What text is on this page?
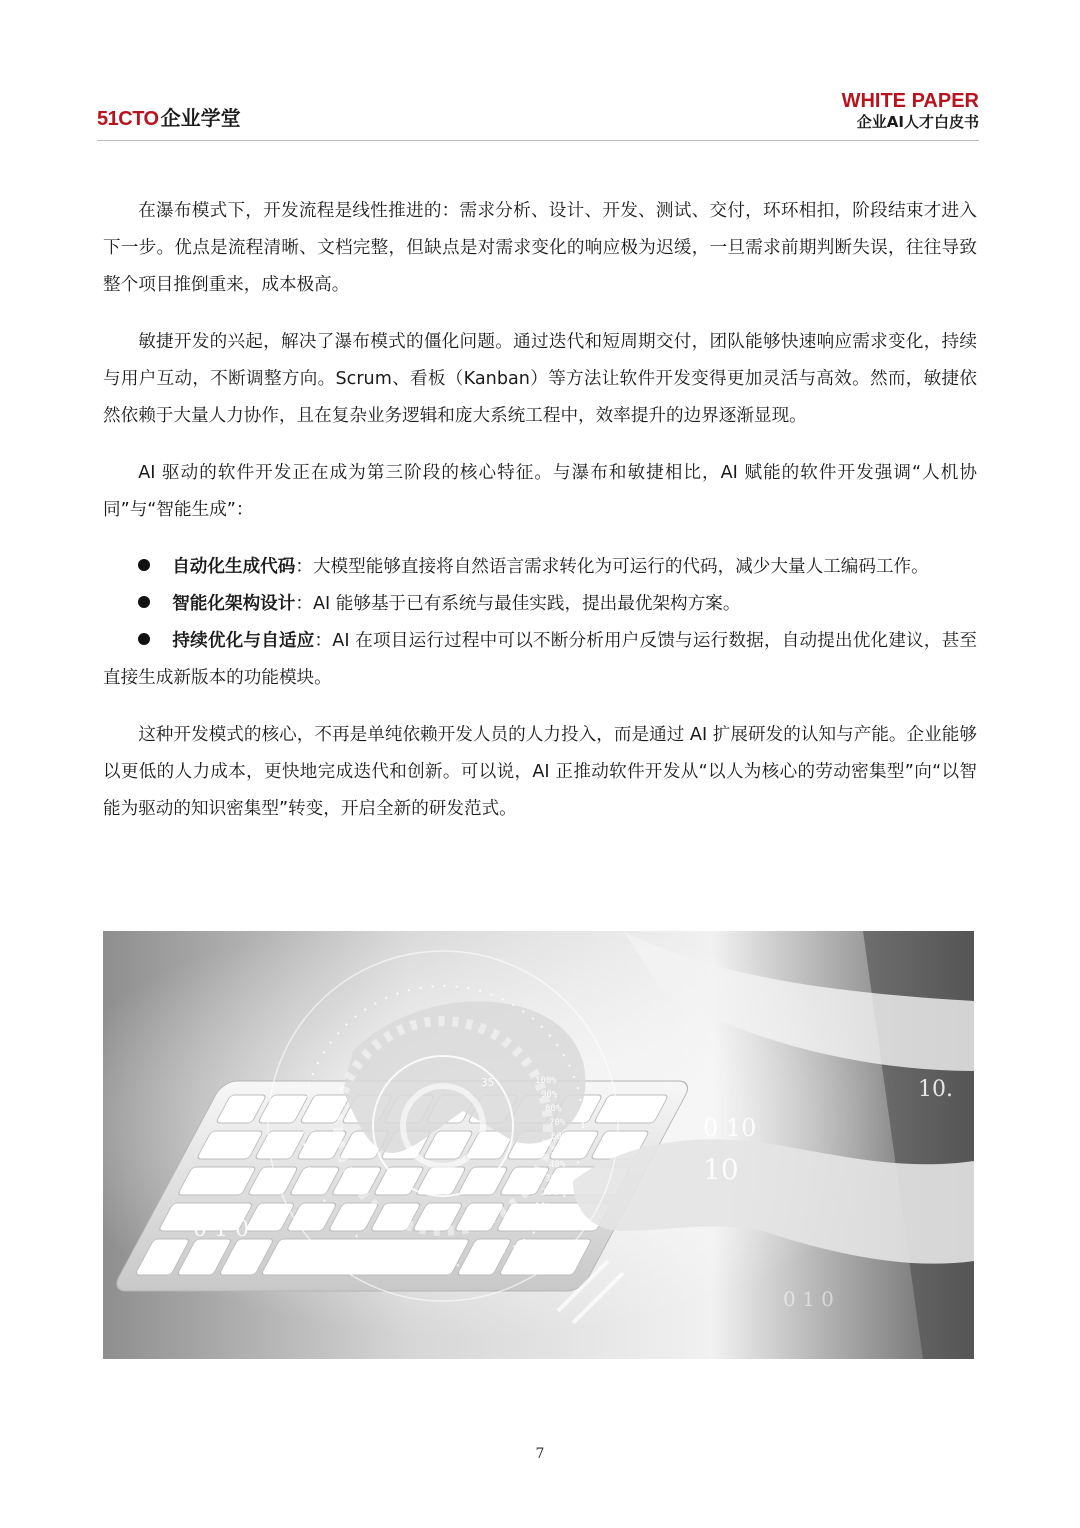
51CTO 企业学堂
WHITE PAPER
企业AI人才白皮书

在瀑布模式下，开发流程是线性推进的：需求分析、设计、开发、测试、交付，环环相扣，阶段结束才进入下一步。优点是流程清晰、文档完整，但缺点是对需求变化的响应极为迟缓，一旦需求前期判断失误，往往导致整个项目推倒重来，成本极高。

敏捷开发的兴起，解决了瀑布模式的僵化问题。通过迭代和短周期交付，团队能够快速响应需求变化，持续与用户互动，不断调整方向。Scrum、看板（Kanban）等方法让软件开发变得更加灵活与高效。然而，敏捷依然依赖于大量人力协作，且在复杂业务逻辑和庞大系统工程中，效率提升的边界逐渐显现。

AI 驱动的软件开发正在成为第三阶段的核心特征。与瀑布和敏捷相比，AI 赋能的软件开发强调“人机协同”与“智能生成”：

自动化生成代码：大模型能够直接将自然语言需求转化为可运行的代码，减少大量人工编码工作。

智能化架构设计：AI 能够基于已有系统与最佳实践，提出最优架构方案。

持续优化与自适应：AI 在项目运行过程中可以不断分析用户反馈与运行数据，自动提出优化建议，甚至直接生成新版本的功能模块。

这种开发模式的核心，不再是单纯依赖开发人员的人力投入，而是通过 AI 扩展研发的认知与产能。企业能够以更低的人力成本，更快地完成迭代和创新。可以说，AI 正推动软件开发从“以人为核心的劳动密集型”向“以智能为驱动的知识密集型”转变，开启全新的研发范式。

100%
90%
80%
70%
60%
50%
40%
30%
20%
10%
35	10.
0 10
10
0 1 0
0 1 0
7
